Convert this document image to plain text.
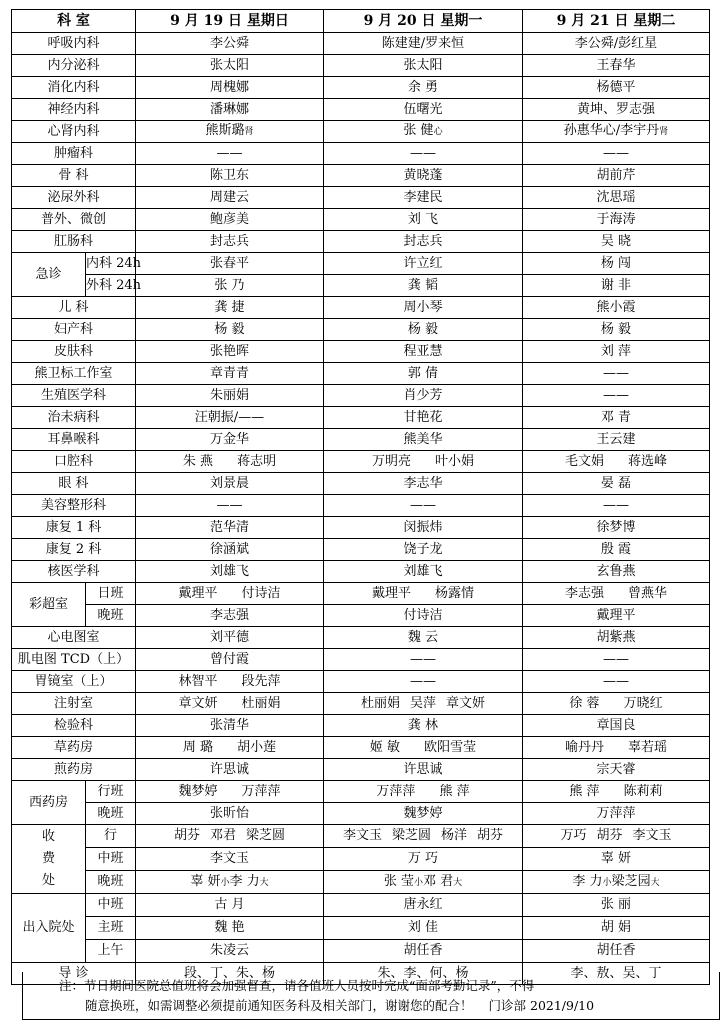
科 室		9 月 19 日 星期日	9 月 20 日 星期一	9 月 21 日 星期二
呼吸内科		李公舜	陈建建/罗来恒	李公舜/彭红星
内分泌科		张太阳	张太阳	王春华
消化内科		周槐娜	余 勇	杨德平
神经内科		潘琳娜	伍曙光	黄坤、罗志强
心肾内科		熊斯璐肾	张 健心	孙惠华心/李宇丹肾
肿瘤科		——	——	——
骨 科		陈卫东	黄晓蓬	胡前芹
泌尿外科		周建云	李建民	沈思瑶
普外、微创		鲍彦美	刘 飞	于海涛
肛肠科		封志兵	封志兵	吴 晓
急诊	内科 24h	张春平	许立红	杨 闯
	外科 24h	张 乃	龚 韬	谢 非
儿 科		龚 捷	周小琴	熊小霞
妇产科		杨 毅	杨 毅	杨 毅
皮肤科		张艳晖	程亚慧	刘 萍
熊卫标工作室		章青青	郭 倩	——
生殖医学科		朱丽娟	肖少芳	——
治未病科		汪朝振/——	甘艳花	邓 青
耳鼻喉科		万金华	熊美华	王云建
口腔科		朱 燕 蒋志明	万明亮 叶小娟	毛文娟 蒋选峰
眼 科		刘景晨	李志华	晏 磊
美容整形科		——	——	——
康复 1 科		范华清	闵振炜	徐梦博
康复 2 科		徐涵斌	饶子龙	殷 霞
核医学科		刘雄飞	刘雄飞	玄鲁燕
彩超室	日班	戴理平 付诗洁	戴理平 杨露情	李志强 曾燕华
	晚班	李志强	付诗洁	戴理平
心电图室		刘平德	魏 云	胡紫燕
肌电图 TCD（上）		曾付霞	——	——
胃镜室（上）		林智平 段先萍	——	——
注射室		章文妍 杜丽娟	杜丽娟 吴萍 章文妍	徐 蓉 万晓红
检验科		张清华	龚 林	章国良
草药房		周 璐 胡小莲	姬 敏 欧阳雪莹	喻丹丹 辜若瑶
煎药房		许思诚	许思诚	宗天睿
西药房	行班	魏梦婷 万萍萍	万萍萍 熊 萍	熊 萍 陈莉莉
	晚班	张昕怡	魏梦婷	万萍萍

收
费
处	行	胡芬 邓君 梁芝圆	李文玉 梁芝圆 杨洋 胡芬	万巧 胡芬 李文玉
	中班	李文玉	万 巧	辜 妍
	晚班	辜 妍小李 力大	张 莹小邓 君大	李 力小梁芝园大
出入院处	中班	古 月	唐永红	张 丽
	主班	魏 艳	刘 佳	胡 娟
	上午	朱凌云	胡任香	胡任香
导 诊		段、丁、朱、杨	朱、李、何、杨	李、敖、吴、丁
注：节日期间医院总值班将会加强督查，请各值班人员按时完成“面部考勤记录”，不得
随意换班，如需调整必须提前通知医务科及相关部门，谢谢您的配合！ 门诊部 2021/9/10
